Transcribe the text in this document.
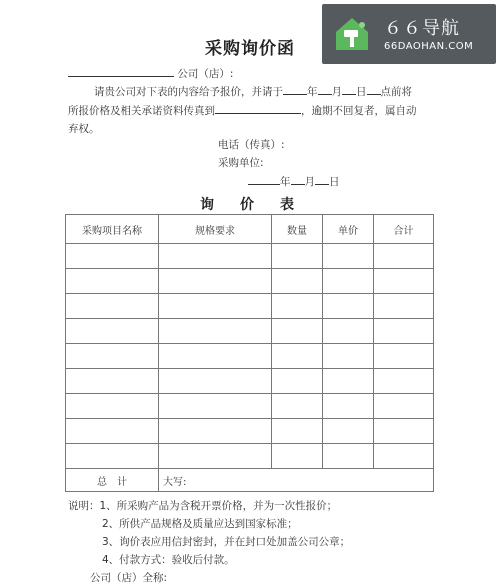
采购询价函
公司（店）:
请贵公司对下表的内容给予报价，并请于 年 月 日 点前将
所报价格及相关承诺资料传真到	，逾期不回复者，属自动
弃权。
电话（传真）:
采购单位:
年 月 日
询　价　表
采购项目名称	规格要求	数量	单价	合计

总　计	大写:			
说明：1、所采购产品为含税开票价格，并为一次性报价；
2、所供产品规格及质量应达到国家标准；
3、询价表应用信封密封，并在封口处加盖公司公章；
4、付款方式：验收后付款。
公司（店）全称:
６６导航
66DAOHAN.COM
